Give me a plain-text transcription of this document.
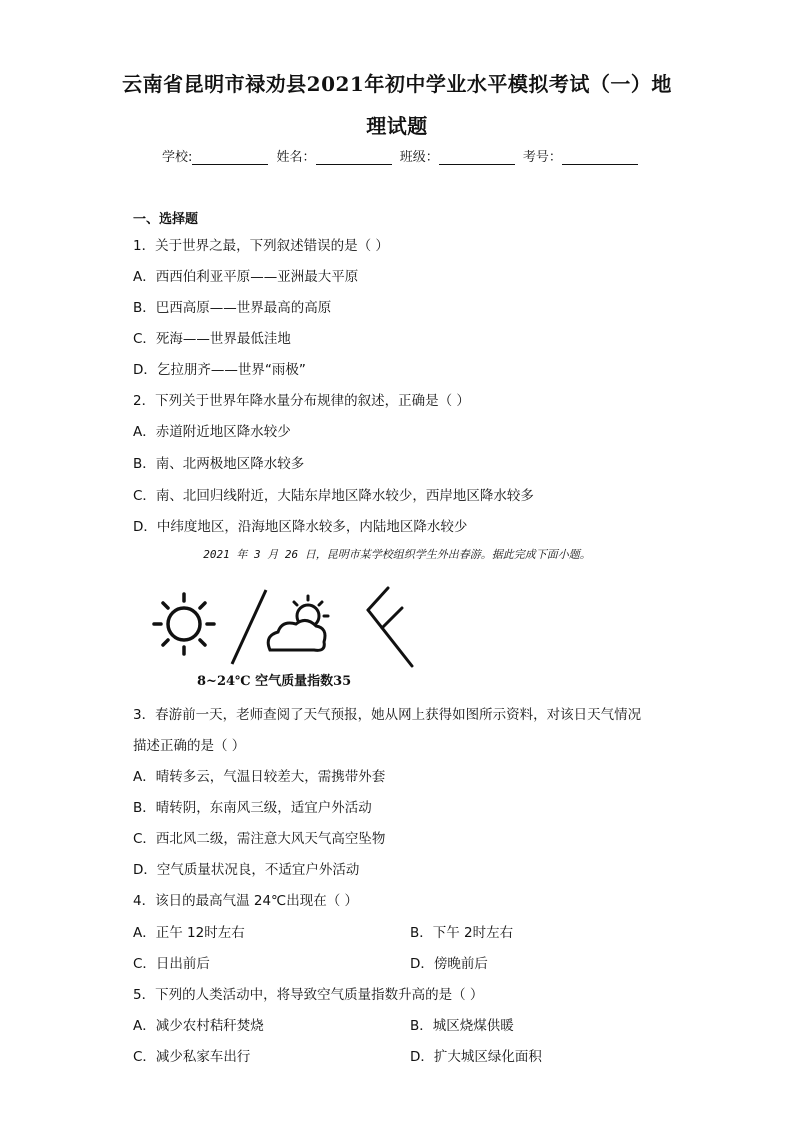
云南省昆明市禄劝县2021年初中学业水平模拟考试（一）地
理试题
学校:	姓名：	班级：	考号：
一、选择题
1．关于世界之最，下列叙述错误的是（ ）
A．西西伯利亚平原——亚洲最大平原
B．巴西高原——世界最高的高原
C．死海——世界最低洼地
D．乞拉朋齐——世界“雨极”
2．下列关于世界年降水量分布规律的叙述，正确是（ ）
A．赤道附近地区降水较少
B．南、北两极地区降水较多
C．南、北回归线附近，大陆东岸地区降水较少，西岸地区降水较多
D．中纬度地区，沿海地区降水较多，内陆地区降水较少
2021 年 3 月 26 日，昆明市某学校组织学生外出春游。据此完成下面小题。
8~24℃ 空气质量指数35
3．春游前一天，老师查阅了天气预报，她从网上获得如图所示资料，对该日天气情况
描述正确的是（ ）
A．晴转多云，气温日较差大，需携带外套
B．晴转阴，东南风三级，适宜户外活动
C．西北风二级，需注意大风天气高空坠物
D．空气质量状况良，不适宜户外活动
4．该日的最高气温 24℃出现在（ ）
A．正午 12时左右	B．下午 2时左右
C．日出前后	D．傍晚前后
5．下列的人类活动中，将导致空气质量指数升高的是（ ）
A．减少农村秸秆焚烧	B．城区烧煤供暖
C．减少私家车出行	D．扩大城区绿化面积
